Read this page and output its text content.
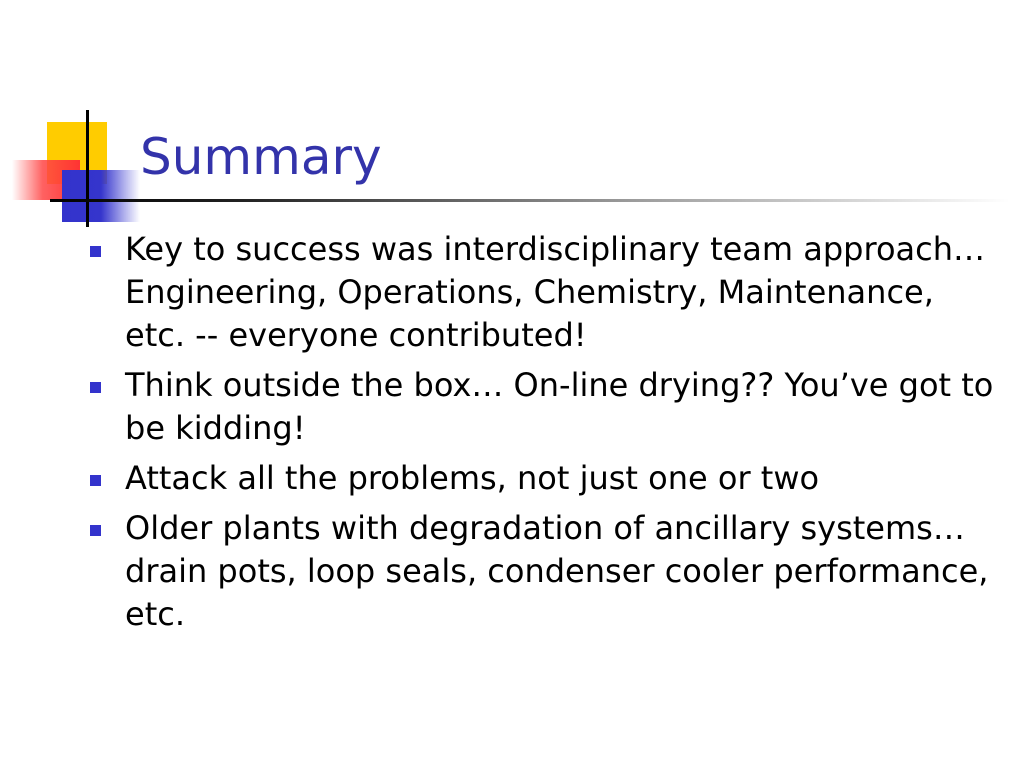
Summary
Key to success was interdisciplinary team approach… Engineering, Operations, Chemistry, Maintenance, etc. -- everyone contributed!
Think outside the box… On-line drying?? You’ve got to be kidding!
Attack all the problems, not just one or two
Older plants with degradation of ancillary systems… drain pots, loop seals, condenser cooler performance, etc.
